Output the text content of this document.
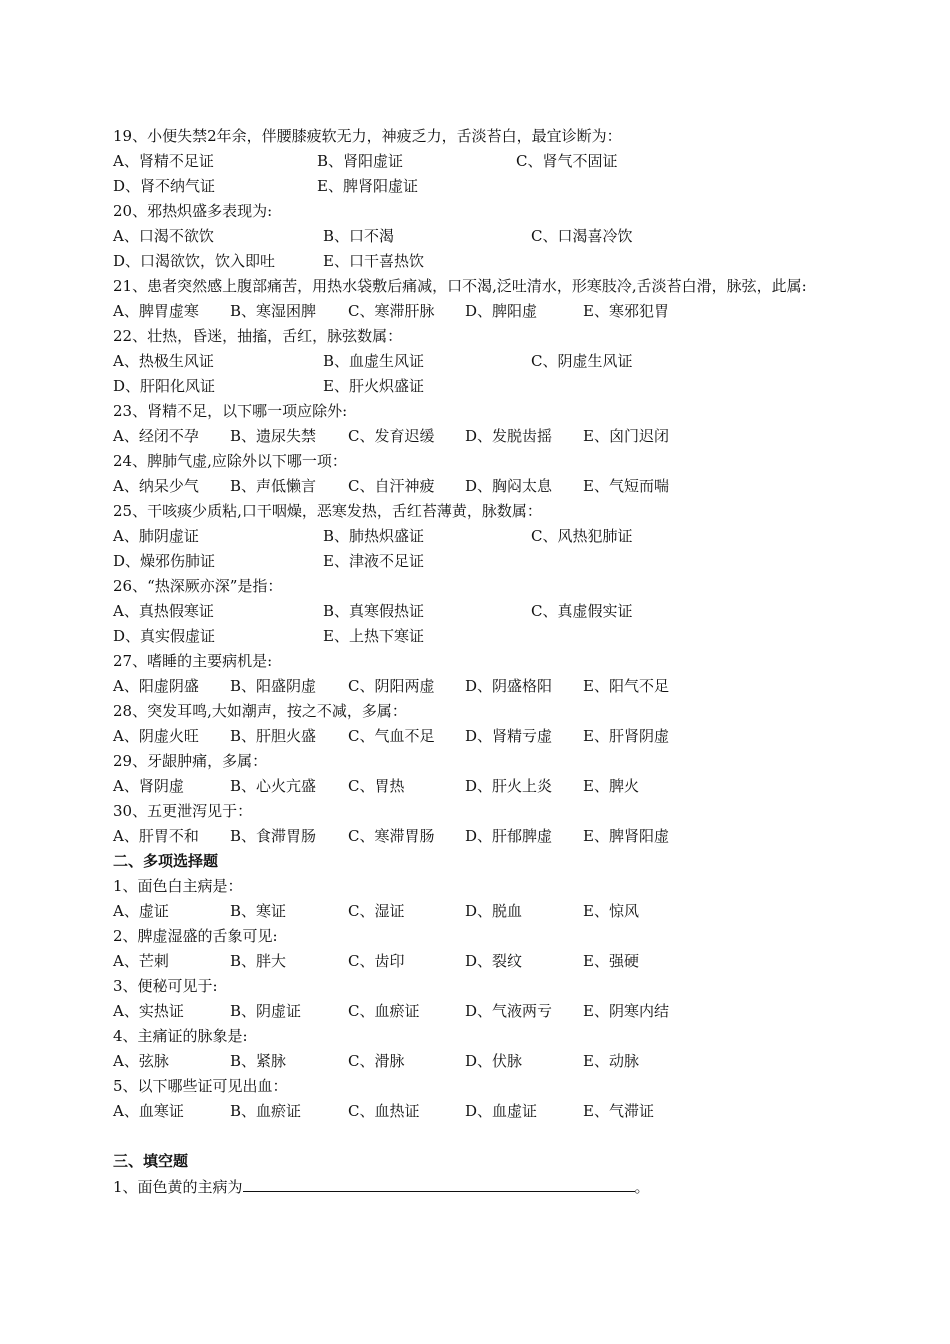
19、小便失禁2年余，伴腰膝疲软无力，神疲乏力，舌淡苔白，最宜诊断为：
A、肾精不足证	B、肾阳虚证	C、肾气不固证
D、肾不纳气证	E、脾肾阳虚证
20、邪热炽盛多表现为:
A、口渴不欲饮	B、口不渴	C、口渴喜冷饮
D、口渴欲饮，饮入即吐	E、口干喜热饮
21、患者突然感上腹部痛苦，用热水袋敷后痛减，口不渴,泛吐清水，形寒肢冷,舌淡苔白滑，脉弦，此属:
A、脾胃虚寒 B、寒湿困脾 C、寒滞肝脉 D、脾阳虚	E、寒邪犯胃
22、壮热，昏迷，抽搐，舌红，脉弦数属：
A、热极生风证	B、血虚生风证	C、阴虚生风证
D、肝阳化风证	E、肝火炽盛证
23、肾精不足，以下哪一项应除外:
A、经闭不孕 B、遗尿失禁 C、发育迟缓 D、发脱齿摇 E、囟门迟闭
24、脾肺气虚,应除外以下哪一项：
A、纳呆少气 B、声低懒言 C、自汗神疲 D、胸闷太息 E、气短而喘
25、干咳痰少质粘,口干咽燥，恶寒发热，舌红苔薄黄，脉数属：
A、肺阴虚证	B、肺热炽盛证	C、风热犯肺证
D、燥邪伤肺证	E、津液不足证
26、“热深厥亦深”是指：
A、真热假寒证	B、真寒假热证	C、真虚假实证
D、真实假虚证	E、上热下寒证
27、嗜睡的主要病机是:
A、阳虚阴盛 B、阳盛阴虚 C、阴阳两虚 D、阴盛格阳 E、阳气不足
28、突发耳鸣,大如潮声，按之不减，多属：
A、阴虚火旺 B、肝胆火盛 C、气血不足 D、肾精亏虚 E、肝肾阴虚
29、牙龈肿痛，多属：
A、肾阴虚	B、心火亢盛 C、胃热	D、肝火上炎 E、脾火
30、五更泄泻见于：
A、肝胃不和 B、食滞胃肠 C、寒滞胃肠 D、肝郁脾虚 E、脾肾阳虚
二、多项选择题
1、面色白主病是：
A、虚证	B、寒证	C、湿证	D、脱血	E、惊风
2、脾虚湿盛的舌象可见:
A、芒刺	B、胖大	C、齿印	D、裂纹	E、强硬
3、便秘可见于:
A、实热证	B、阴虚证	C、血瘀证	D、气液两亏 E、阴寒内结
4、主痛证的脉象是:
A、弦脉	B、紧脉	C、滑脉	D、伏脉	E、动脉
5、以下哪些证可见出血：
A、血寒证	B、血瘀证	C、血热证	D、血虚证	E、气滞证
三、填空题
1、面色黄的主病为	。
